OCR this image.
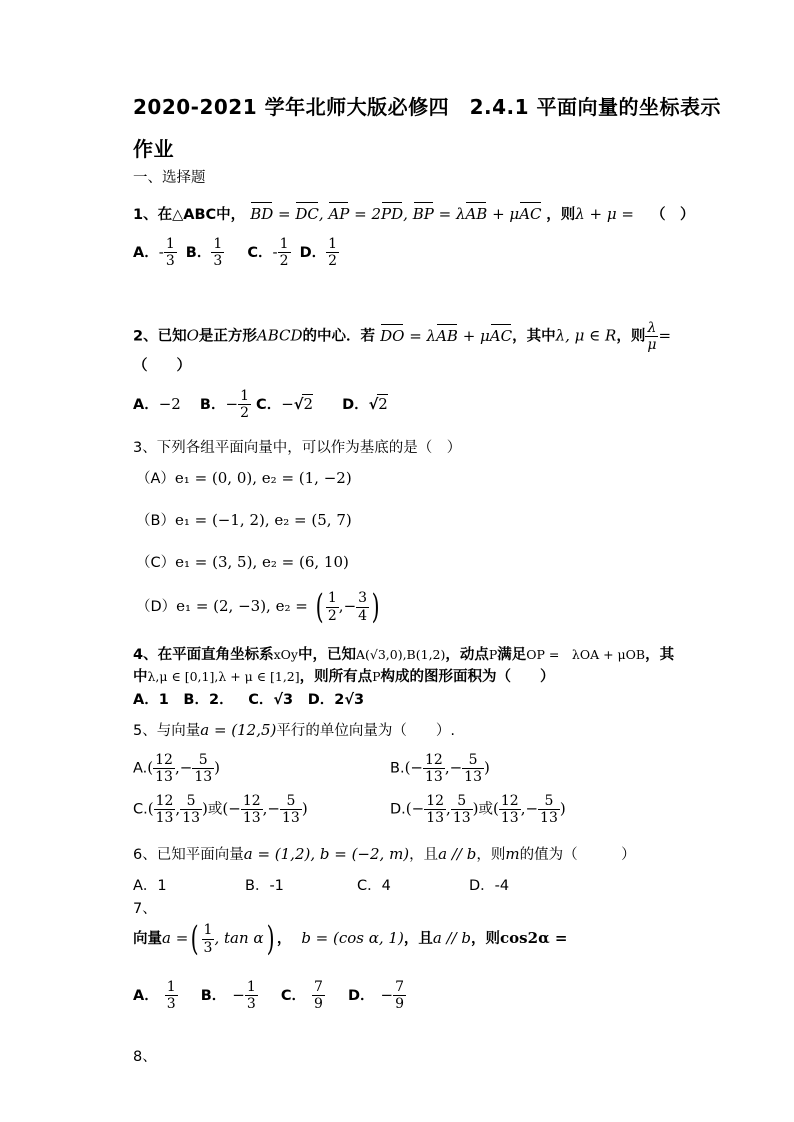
2020-2021 学年北师大版必修四　2.4.1 平面向量的坐标表示
作业
一、选择题
1、在△ABC中， BD = DC, AP = 2PD, BP = λAB + μAC ，则λ + μ = （　）
A．- $\frac{1}{3}$ B． $\frac{1}{3}$ C．- $\frac{1}{2}$ D． $\frac{1}{2}$
2、已知O是正方形ABCD的中心．若 DO = λAB + μAC，其中λ, μ ∈ R，则 $\frac{\lambda}{\mu}$ =
（　　）
A．−2 B．− $\frac{1}{2}$ C．−√2 D．√2
3、下列各组平面向量中，可以作为基底的是（　）
（A）e₁ = (0, 0), e₂ = (1, −2)
（B）e₁ = (−1, 2), e₂ = (5, 7)
（C）e₁ = (3, 5), e₂ = (6, 10)
（D）e₁ = (2, −3), e₂ = ( $\frac{1}{2}$ ,− $\frac{3}{4}$ )
4、在平面直角坐标系xOy中，已知A(√3,0),B(1,2)，动点P满足OP =　λOA + μOB，其
中λ,μ ∈ [0,1],λ + μ ∈ [1,2]，则所有点P构成的图形面积为（　　）
A．1 B．2． C．√3 D．2√3
5、与向量a = (12,5)平行的单位向量为（　　）.
$A.( \frac{12}{13}$ ,− $\frac{5}{13}$ )	$B.(- \frac{12}{13}$ ,− $\frac{5}{13}$ )
$C.( \frac{12}{13}$ , $\frac{5}{13}$ )或(− $\frac{12}{13}$ ,− $\frac{5}{13}$ )	$D.(- \frac{12}{13}$ , $\frac{5}{13}$ )或( $\frac{12}{13}$ ,− $\frac{5}{13}$ )
6、已知平面向量a = (1,2), b = (−2, m)，且a // b，则m的值为（　　　）
A．1	B．-1	C．4	D．-4
7、
向量a =( $\frac{1}{3}$ , tan α) ， b = (cos α, 1)，且a // b，则cos2α =
A． $\frac{1}{3}$ B． − $\frac{1}{3}$ C． $\frac{7}{9}$ D． − $\frac{7}{9}$
8、
